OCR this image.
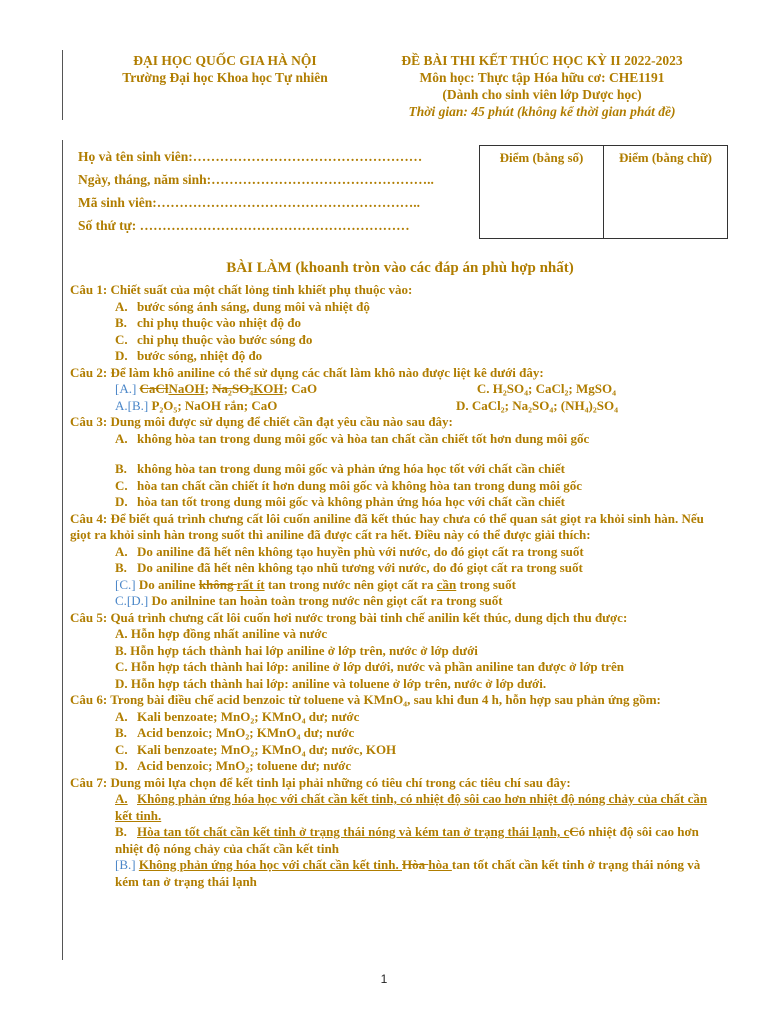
ĐẠI HỌC QUỐC GIA HÀ NỘI
Trường Đại học Khoa học Tự nhiên
ĐỀ BÀI THI KẾT THÚC HỌC KỲ II 2022-2023
Môn học: Thực tập Hóa hữu cơ: CHE1191
(Dành cho sinh viên lớp Dược học)
Thời gian: 45 phút (không kể thời gian phát đề)
Họ và tên sinh viên:……………………………………………
Ngày, tháng, năm sinh:…………………………………………..
Mã sinh viên:…………………………………………………..
Số thứ tự: ……………………………………………………
Điểm (bằng số)	Điểm (bằng chữ)
BÀI LÀM (khoanh tròn vào các đáp án phù hợp nhất)

Câu 1: Chiết suất của một chất lỏng tinh khiết phụ thuộc vào:

A. bước sóng ánh sáng, dung môi và nhiệt độ

B. chỉ phụ thuộc vào nhiệt độ đo

C. chỉ phụ thuộc vào bước sóng đo

D. bước sóng, nhiệt độ đo

Câu 2: Để làm khô aniline có thể sử dụng các chất làm khô nào được liệt kê dưới đây:

[A.] CaClNaOH; Na₂SO₄KOH; CaO	C. H₂SO₄; CaCl₂; MgSO₄

A.[B.] P₂O₅; NaOH rắn; CaO	D. CaCl₂; Na₂SO₄; (NH₄)₂SO₄

Câu 3: Dung môi được sử dụng để chiết cần đạt yêu cầu nào sau đây:

A. không hòa tan trong dung môi gốc và hòa tan chất cần chiết tốt hơn dung môi gốc

B. không hòa tan trong dung môi gốc và phản ứng hóa học tốt với chất cần chiết

C. hòa tan chất cần chiết ít hơn dung môi gốc và không hòa tan trong dung môi gốc

D. hòa tan tốt trong dung môi gốc và không phản ứng hóa học với chất cần chiết

Câu 4: Để biết quá trình chưng cất lôi cuốn aniline đã kết thúc hay chưa có thể quan sát giọt ra khỏi sinh hàn. Nếu giọt ra khỏi sinh hàn trong suốt thì aniline đã được cất ra hết. Điều này có thể được giải thích:

A. Do aniline đã hết nên không tạo huyền phù với nước, do đó giọt cất ra trong suốt

B. Do aniline đã hết nên không tạo nhũ tương với nước, do đó giọt cất ra trong suốt

[C.] Do aniline không rất ít tan trong nước nên giọt cất ra cần trong suốt

C.[D.] Do anilnine tan hoàn toàn trong nước nên giọt cất ra trong suốt

Câu 5: Quá trình chưng cất lôi cuốn hơi nước trong bài tinh chế anilin kết thúc, dung dịch thu được:

A. Hỗn hợp đồng nhất aniline và nước

B. Hỗn hợp tách thành hai lớp aniline ở lớp trên, nước ở lớp dưới

C. Hỗn hợp tách thành hai lớp: aniline ở lớp dưới, nước và phần aniline tan được ở lớp trên

D. Hỗn hợp tách thành hai lớp: aniline và toluene ở lớp trên, nước ở lớp dưới.

Câu 6: Trong bài điều chế acid benzoic từ toluene và KMnO₄, sau khi đun 4 h, hỗn hợp sau phản ứng gồm:

A. Kali benzoate; MnO₂; KMnO₄ dư; nước

B. Acid benzoic; MnO₂; KMnO₄ dư; nước

C. Kali benzoate; MnO₂; KMnO₄ dư; nước, KOH

D. Acid benzoic; MnO₂; toluene dư; nước

Câu 7: Dung môi lựa chọn để kết tinh lại phải những có tiêu chí trong các tiêu chí sau đây:

A. Không phản ứng hóa học với chất cần kết tinh, có nhiệt độ sôi cao hơn nhiệt độ nóng chảy của chất cần kết tinh.

B. Hòa tan tốt chất cần kết tinh ở trạng thái nóng và kém tan ở trạng thái lạnh, cCó nhiệt độ sôi cao hơn nhiệt độ nóng chảy của chất cần kết tinh

[B.] Không phản ứng hóa học với chất cần kết tinh. Hòa hòa tan tốt chất cần kết tinh ở trạng thái nóng và kém tan ở trạng thái lạnh

1
